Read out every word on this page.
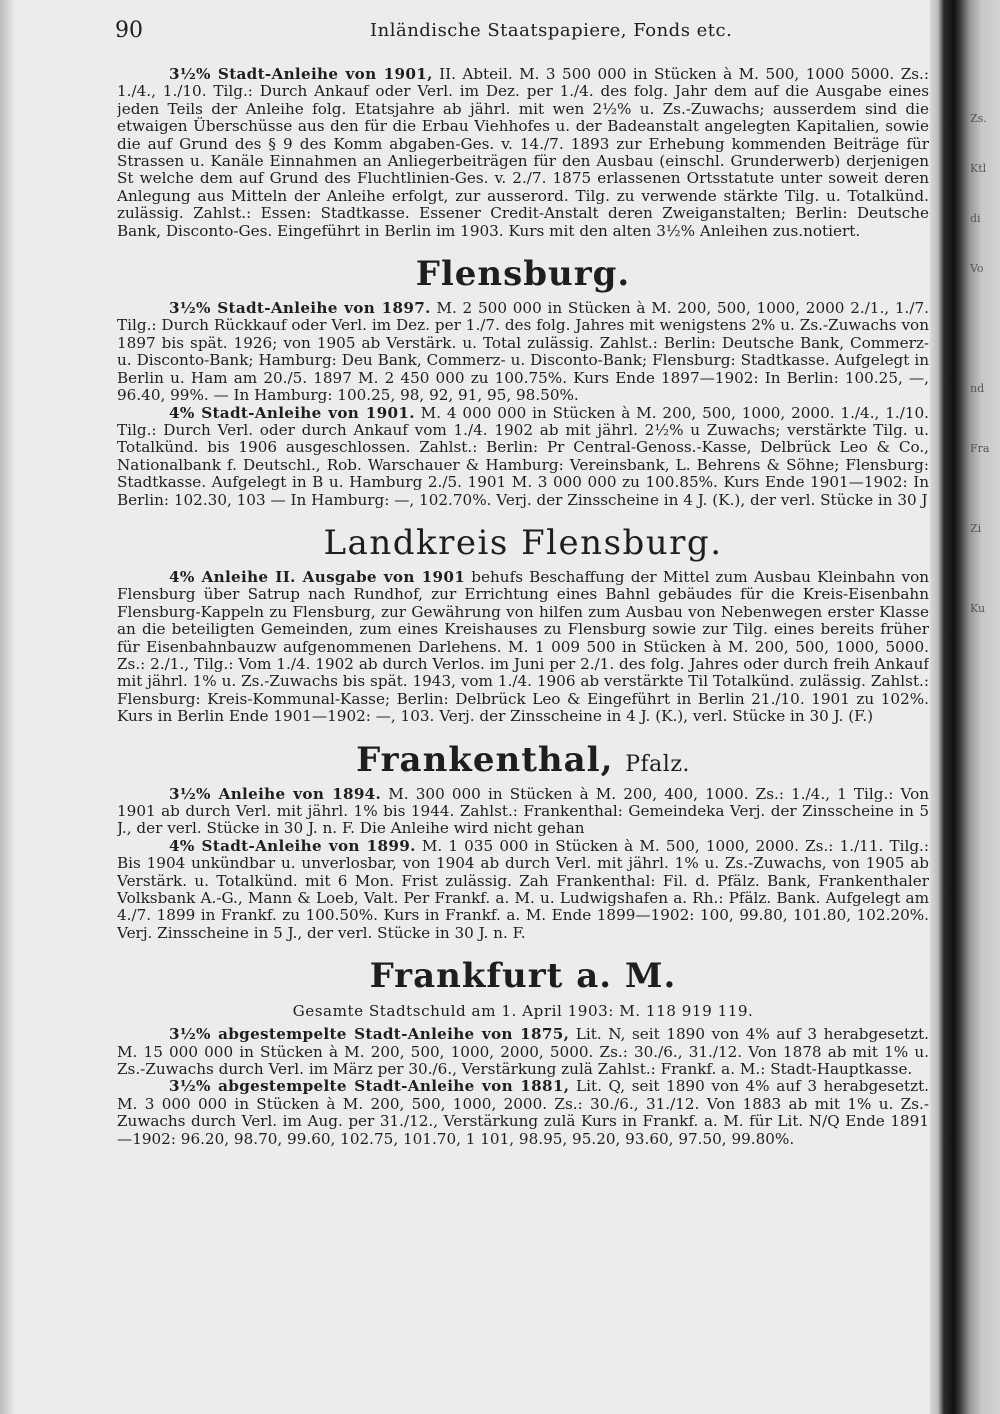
Zs.
Ktl
di
Vo
nd
Fra
Zi
Ku
90	Inländische Staatspapiere, Fonds etc.

3½% Stadt-Anleihe von 1901, II. Abteil. M. 3 500 000 in Stücken à M. 500, 1000 5000. Zs.: 1./4., 1./10. Tilg.: Durch Ankauf oder Verl. im Dez. per 1./4. des folg. Jahr dem auf die Ausgabe eines jeden Teils der Anleihe folg. Etatsjahre ab jährl. mit wen 2½% u. Zs.-Zuwachs; ausserdem sind die etwaigen Überschüsse aus den für die Erbau Viehhofes u. der Badeanstalt angelegten Kapitalien, sowie die auf Grund des § 9 des Komm abgaben-Ges. v. 14./7. 1893 zur Erhebung kommenden Beiträge für Strassen u. Kanäle Einnahmen an Anliegerbeiträgen für den Ausbau (einschl. Grunderwerb) derjenigen St welche dem auf Grund des Fluchtlinien-Ges. v. 2./7. 1875 erlassenen Ortsstatute unter soweit deren Anlegung aus Mitteln der Anleihe erfolgt, zur ausserord. Tilg. zu verwende stärkte Tilg. u. Totalkünd. zulässig. Zahlst.: Essen: Stadtkasse. Essener Credit-Anstalt deren Zweiganstalten; Berlin: Deutsche Bank, Disconto-Ges. Eingeführt in Berlin im 1903. Kurs mit den alten 3½% Anleihen zus.notiert.

Flensburg.

3½% Stadt-Anleihe von 1897. M. 2 500 000 in Stücken à M. 200, 500, 1000, 2000 2./1., 1./7. Tilg.: Durch Rückkauf oder Verl. im Dez. per 1./7. des folg. Jahres mit wenigstens 2% u. Zs.-Zuwachs von 1897 bis spät. 1926; von 1905 ab Verstärk. u. Total zulässig. Zahlst.: Berlin: Deutsche Bank, Commerz- u. Disconto-Bank; Hamburg: Deu Bank, Commerz- u. Disconto-Bank; Flensburg: Stadtkasse. Aufgelegt in Berlin u. Ham am 20./5. 1897 M. 2 450 000 zu 100.75%. Kurs Ende 1897—1902: In Berlin: 100.25, —, 96.40, 99%. — In Hamburg: 100.25, 98, 92, 91, 95, 98.50%.

4% Stadt-Anleihe von 1901. M. 4 000 000 in Stücken à M. 200, 500, 1000, 2000. 1./4., 1./10. Tilg.: Durch Verl. oder durch Ankauf vom 1./4. 1902 ab mit jährl. 2½% u Zuwachs; verstärkte Tilg. u. Totalkünd. bis 1906 ausgeschlossen. Zahlst.: Berlin: Pr Central-Genoss.-Kasse, Delbrück Leo & Co., Nationalbank f. Deutschl., Rob. Warschauer & Hamburg: Vereinsbank, L. Behrens & Söhne; Flensburg: Stadtkasse. Aufgelegt in B u. Hamburg 2./5. 1901 M. 3 000 000 zu 100.85%. Kurs Ende 1901—1902: In Berlin: 102.30, 103 — In Hamburg: —, 102.70%. Verj. der Zinsscheine in 4 J. (K.), der verl. Stücke in 30 J

Landkreis Flensburg.

4% Anleihe II. Ausgabe von 1901 behufs Beschaffung der Mittel zum Ausbau Kleinbahn von Flensburg über Satrup nach Rundhof, zur Errichtung eines Bahnl gebäudes für die Kreis-Eisenbahn Flensburg-Kappeln zu Flensburg, zur Gewährung von hilfen zum Ausbau von Nebenwegen erster Klasse an die beteiligten Gemeinden, zum eines Kreishauses zu Flensburg sowie zur Tilg. eines bereits früher für Eisenbahnbauzw aufgenommenen Darlehens. M. 1 009 500 in Stücken à M. 200, 500, 1000, 5000. Zs.: 2./1., Tilg.: Vom 1./4. 1902 ab durch Verlos. im Juni per 2./1. des folg. Jahres oder durch freih Ankauf mit jährl. 1% u. Zs.-Zuwachs bis spät. 1943, vom 1./4. 1906 ab verstärkte Til Totalkünd. zulässig. Zahlst.: Flensburg: Kreis-Kommunal-Kasse; Berlin: Delbrück Leo & Eingeführt in Berlin 21./10. 1901 zu 102%. Kurs in Berlin Ende 1901—1902: —, 103. Verj. der Zinsscheine in 4 J. (K.), verl. Stücke in 30 J. (F.)

Frankenthal, Pfalz.

3½% Anleihe von 1894. M. 300 000 in Stücken à M. 200, 400, 1000. Zs.: 1./4., 1 Tilg.: Von 1901 ab durch Verl. mit jährl. 1% bis 1944. Zahlst.: Frankenthal: Gemeindeka Verj. der Zinsscheine in 5 J., der verl. Stücke in 30 J. n. F. Die Anleihe wird nicht gehan

4% Stadt-Anleihe von 1899. M. 1 035 000 in Stücken à M. 500, 1000, 2000. Zs.: 1./11. Tilg.: Bis 1904 unkündbar u. unverlosbar, von 1904 ab durch Verl. mit jährl. 1% u. Zs.-Zuwachs, von 1905 ab Verstärk. u. Totalkünd. mit 6 Mon. Frist zulässig. Zah Frankenthal: Fil. d. Pfälz. Bank, Frankenthaler Volksbank A.-G., Mann & Loeb, Valt. Per Frankf. a. M. u. Ludwigshafen a. Rh.: Pfälz. Bank. Aufgelegt am 4./7. 1899 in Frankf. zu 100.50%. Kurs in Frankf. a. M. Ende 1899—1902: 100, 99.80, 101.80, 102.20%. Verj. Zinsscheine in 5 J., der verl. Stücke in 30 J. n. F.

Frankfurt a. M.
Gesamte Stadtschuld am 1. April 1903: M. 118 919 119.

3½% abgestempelte Stadt-Anleihe von 1875, Lit. N, seit 1890 von 4% auf 3 herabgesetzt. M. 15 000 000 in Stücken à M. 200, 500, 1000, 2000, 5000. Zs.: 30./6., 31./12. Von 1878 ab mit 1% u. Zs.-Zuwachs durch Verl. im März per 30./6., Verstärkung zulä Zahlst.: Frankf. a. M.: Stadt-Hauptkasse.

3½% abgestempelte Stadt-Anleihe von 1881, Lit. Q, seit 1890 von 4% auf 3 herabgesetzt. M. 3 000 000 in Stücken à M. 200, 500, 1000, 2000. Zs.: 30./6., 31./12. Von 1883 ab mit 1% u. Zs.-Zuwachs durch Verl. im Aug. per 31./12., Verstärkung zulä Kurs in Frankf. a. M. für Lit. N/Q Ende 1891—1902: 96.20, 98.70, 99.60, 102.75, 101.70, 1 101, 98.95, 95.20, 93.60, 97.50, 99.80%.
